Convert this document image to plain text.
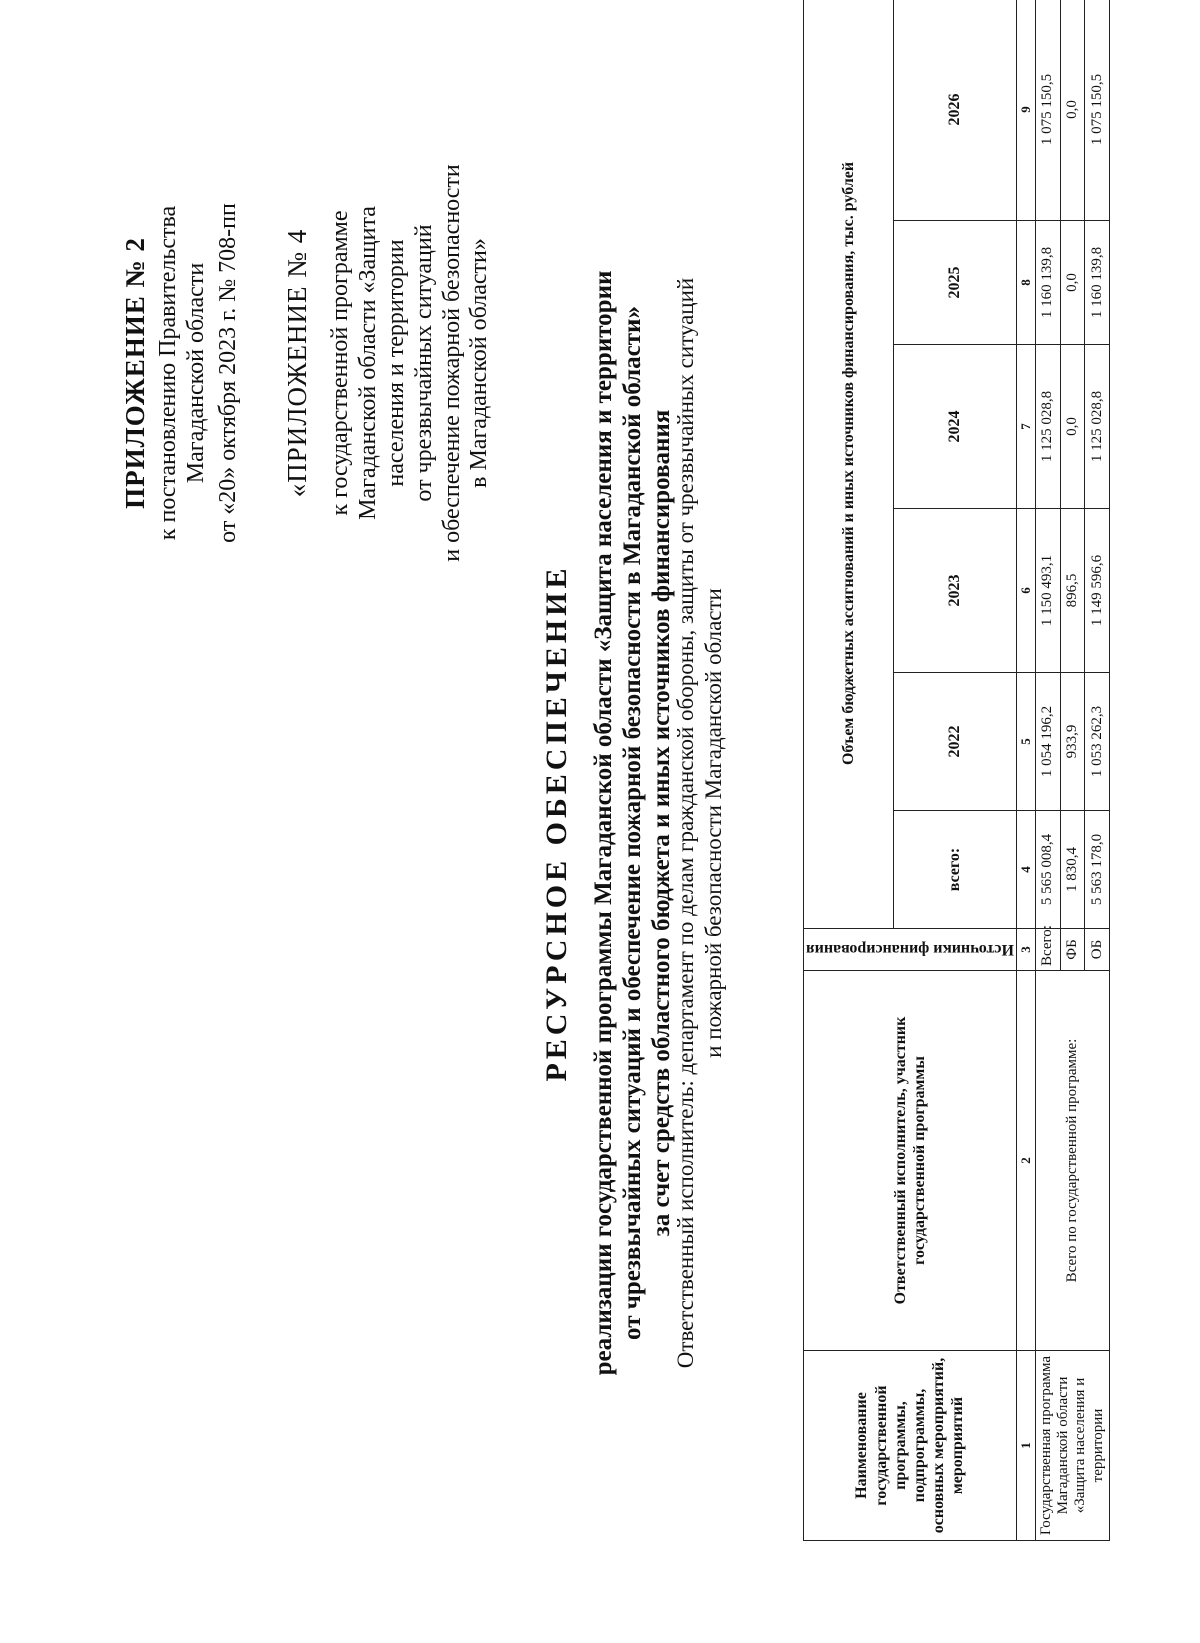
ПРИЛОЖЕНИЕ № 2 к постановлению Правительства Магаданской области от «20» октября 2023 г. № 708-пп «ПРИЛОЖЕНИЕ № 4 к государственной программе Магаданской области «Защита населения и территории от чрезвычайных ситуаций и обеспечение пожарной безопасности в Магаданской области»
РЕСУРСНОЕ ОБЕСПЕЧЕНИЕ реализации государственной программы Магаданской области «Защита населения и территории от чрезвычайных ситуаций и обеспечение пожарной безопасности в Магаданской области» за счет средств областного бюджета и иных источников финансирования
Ответственный исполнитель: департамент по делам гражданской обороны, защиты от чрезвычайных ситуаций и пожарной безопасности Магаданской области
Наименование государственной программы, подпрограммы, основных мероприятий, мероприятий	Ответственный исполнитель, участник государственной программы	Источники финансирования	Объем бюджетных ассигнований и иных источников финансирования, тыс. рублей					
			всего:	2022	2023	2024	2025	2026
1	2	3	4	5	6	7	8	9
Государственная программа Магаданской области «Защита населения и территории	Всего по государственной программе:	Всего:	5 565 008,4	1 054 196,2	1 150 493,1	1 125 028,8	1 160 139,8	1 075 150,5
		ФБ	1 830,4	933,9	896,5	0,0	0,0	0,0
		ОБ	5 563 178,0	1 053 262,3	1 149 596,6	1 125 028,8	1 160 139,8	1 075 150,5
